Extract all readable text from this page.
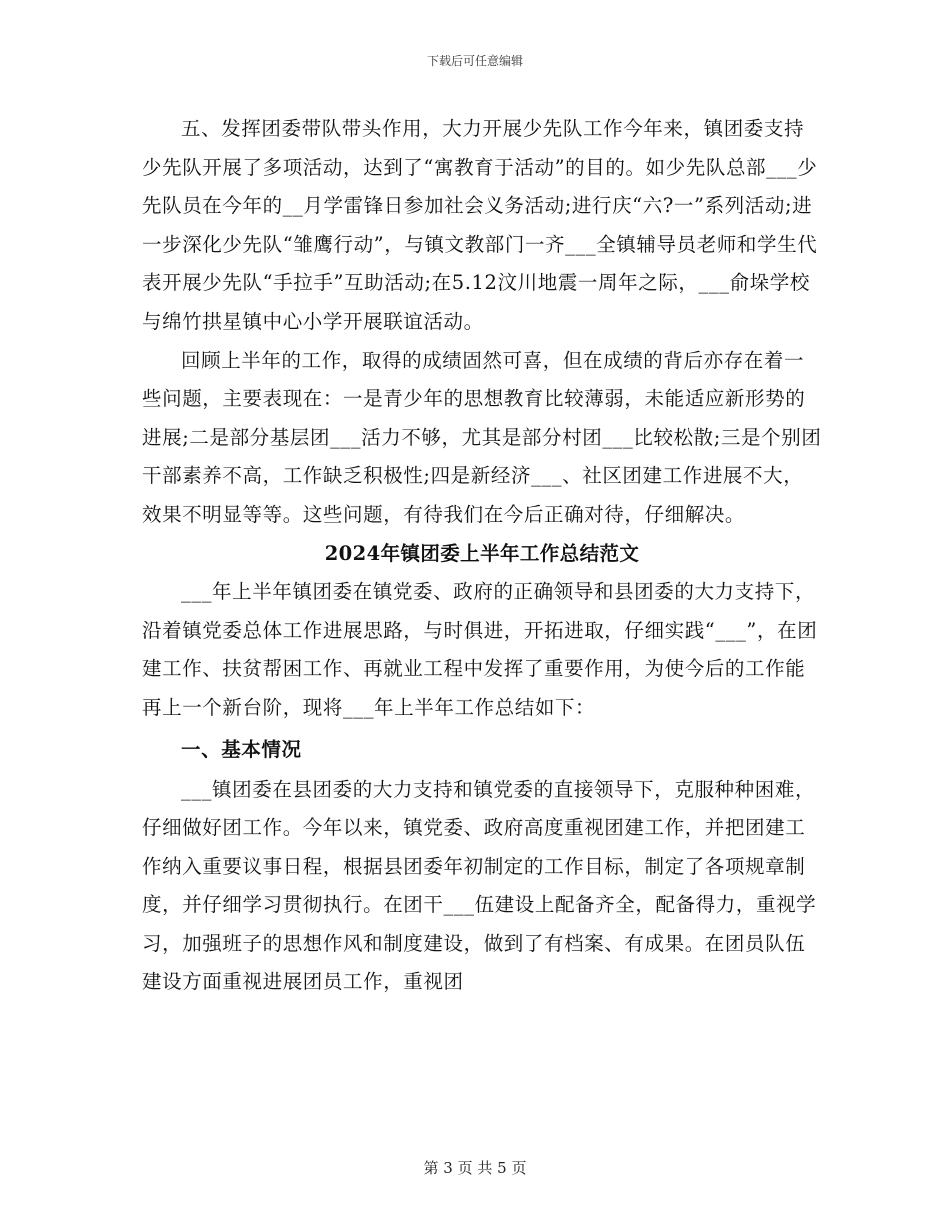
下载后可任意编辑

五、发挥团委带队带头作用，大力开展少先队工作今年来，镇团委支持少先队开展了多项活动，达到了“寓教育于活动”的目的。如少先队总部___少先队员在今年的__月学雷锋日参加社会义务活动;进行庆“六?一”系列活动;进一步深化少先队“雏鹰行动”，与镇文教部门一齐___全镇辅导员老师和学生代表开展少先队“手拉手”互助活动;在5.12汶川地震一周年之际，___俞垛学校与绵竹拱星镇中心小学开展联谊活动。

回顾上半年的工作，取得的成绩固然可喜，但在成绩的背后亦存在着一些问题，主要表现在：一是青少年的思想教育比较薄弱，未能适应新形势的进展;二是部分基层团___活力不够，尤其是部分村团___比较松散;三是个别团干部素养不高，工作缺乏积极性;四是新经济___、社区团建工作进展不大，效果不明显等等。这些问题，有待我们在今后正确对待，仔细解决。

2024年镇团委上半年工作总结范文

___年上半年镇团委在镇党委、政府的正确领导和县团委的大力支持下，沿着镇党委总体工作进展思路，与时俱进，开拓进取，仔细实践“___”，在团建工作、扶贫帮困工作、再就业工程中发挥了重要作用，为使今后的工作能再上一个新台阶，现将___年上半年工作总结如下：

一、基本情况

___镇团委在县团委的大力支持和镇党委的直接领导下，克服种种困难，仔细做好团工作。今年以来，镇党委、政府高度重视团建工作，并把团建工作纳入重要议事日程，根据县团委年初制定的工作目标，制定了各项规章制度，并仔细学习贯彻执行。在团干___伍建设上配备齐全，配备得力，重视学习，加强班子的思想作风和制度建设，做到了有档案、有成果。在团员队伍建设方面重视进展团员工作，重视团

第 3 页 共 5 页
